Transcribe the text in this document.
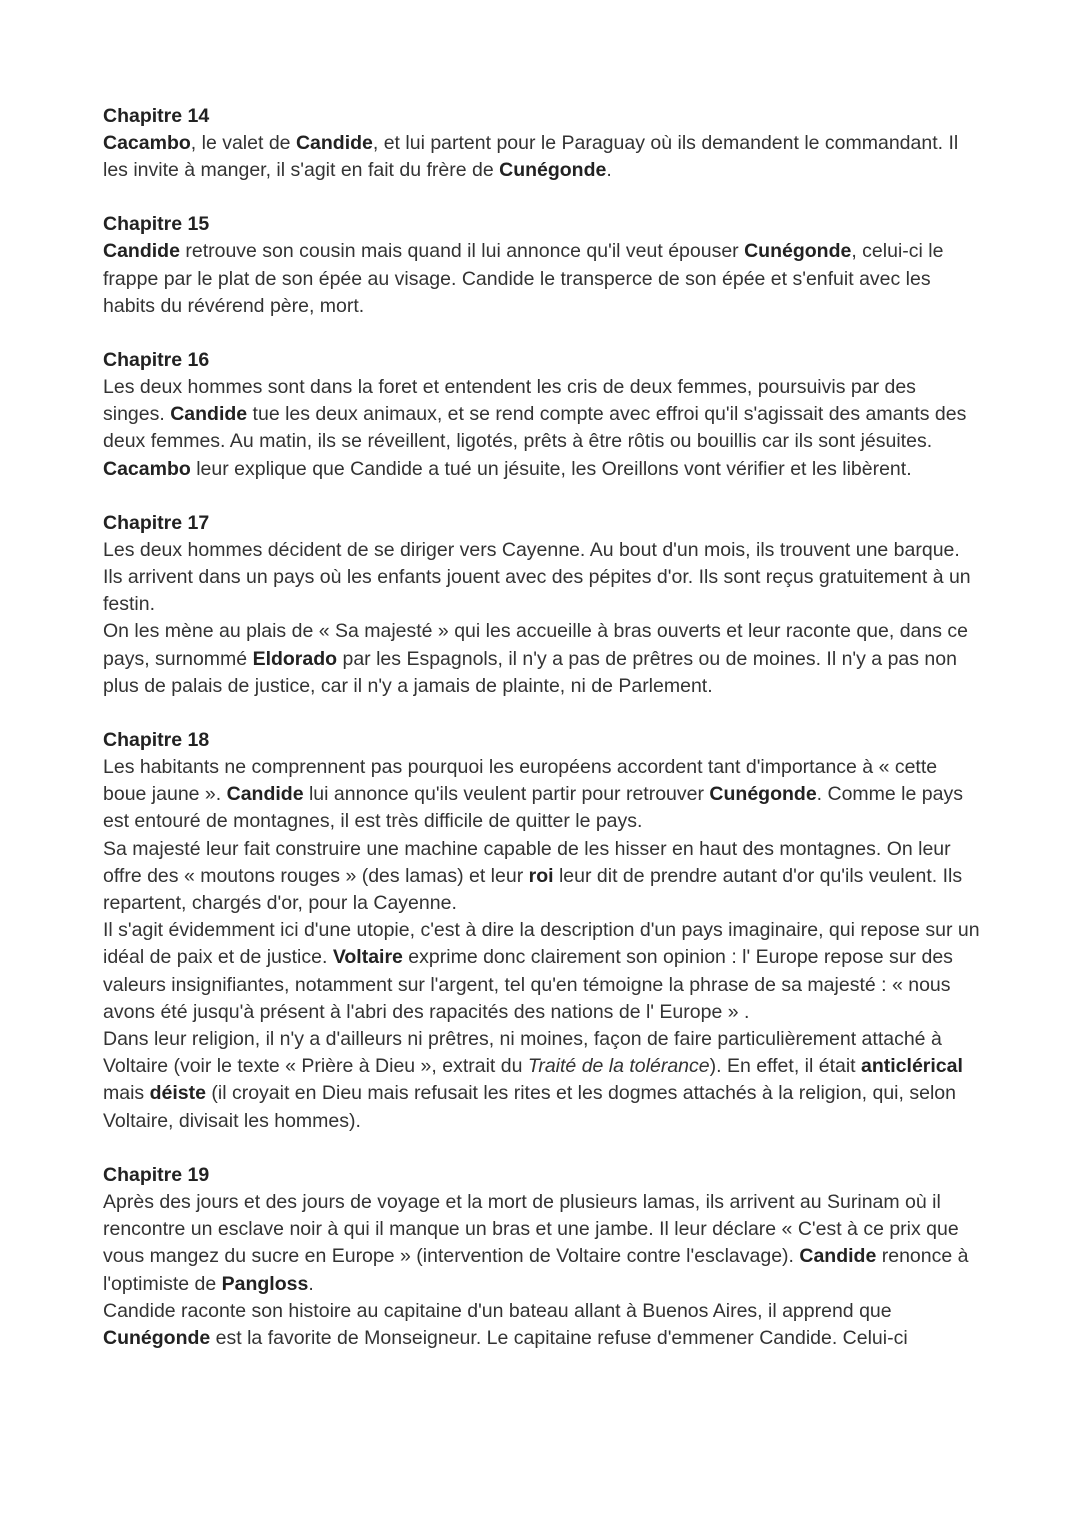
Chapitre 14

Cacambo, le valet de Candide, et lui partent pour le Paraguay où ils demandent le commandant. Il les invite à manger, il s'agit en fait du frère de Cunégonde.

Chapitre 15

Candide retrouve son cousin mais quand il lui annonce qu'il veut épouser Cunégonde, celui-ci le frappe par le plat de son épée au visage. Candide le transperce de son épée et s'enfuit avec les habits du révérend père, mort.

Chapitre 16

Les deux hommes sont dans la foret et entendent les cris de deux femmes, poursuivis par des singes. Candide tue les deux animaux, et se rend compte avec effroi qu'il s'agissait des amants des deux femmes. Au matin, ils se réveillent, ligotés, prêts à être rôtis ou bouillis car ils sont jésuites. Cacambo leur explique que Candide a tué un jésuite, les Oreillons vont vérifier et les libèrent.

Chapitre 17

Les deux hommes décident de se diriger vers Cayenne. Au bout d'un mois, ils trouvent une barque. Ils arrivent dans un pays où les enfants jouent avec des pépites d'or. Ils sont reçus gratuitement à un festin.

On les mène au plais de « Sa majesté » qui les accueille à bras ouverts et leur raconte que, dans ce pays, surnommé Eldorado par les Espagnols, il n'y a pas de prêtres ou de moines. Il n'y a pas non plus de palais de justice, car il n'y a jamais de plainte, ni de Parlement.

Chapitre 18

Les habitants ne comprennent pas pourquoi les européens accordent tant d'importance à « cette boue jaune ». Candide lui annonce qu'ils veulent partir pour retrouver Cunégonde. Comme le pays est entouré de montagnes, il est très difficile de quitter le pays.

Sa majesté leur fait construire une machine capable de les hisser en haut des montagnes. On leur offre des « moutons rouges » (des lamas) et leur roi leur dit de prendre autant d'or qu'ils veulent. Ils repartent, chargés d'or, pour la Cayenne.

Il s'agit évidemment ici d'une utopie, c'est à dire la description d'un pays imaginaire, qui repose sur un idéal de paix et de justice. Voltaire exprime donc clairement son opinion : l' Europe repose sur des valeurs insignifiantes, notamment sur l'argent, tel qu'en témoigne la phrase de sa majesté : « nous avons été jusqu'à présent à l'abri des rapacités des nations de l' Europe » .

Dans leur religion, il n'y a d'ailleurs ni prêtres, ni moines, façon de faire particulièrement attaché à Voltaire (voir le texte « Prière à Dieu », extrait du Traité de la tolérance). En effet, il était anticlérical mais déiste (il croyait en Dieu mais refusait les rites et les dogmes attachés à la religion, qui, selon Voltaire, divisait les hommes).

Chapitre 19

Après des jours et des jours de voyage et la mort de plusieurs lamas, ils arrivent au Surinam où il rencontre un esclave noir à qui il manque un bras et une jambe. Il leur déclare « C'est à ce prix que vous mangez du sucre en Europe » (intervention de Voltaire contre l'esclavage). Candide renonce à l'optimiste de Pangloss.

Candide raconte son histoire au capitaine d'un bateau allant à Buenos Aires, il apprend que Cunégonde est la favorite de Monseigneur. Le capitaine refuse d'emmener Candide. Celui-ci
